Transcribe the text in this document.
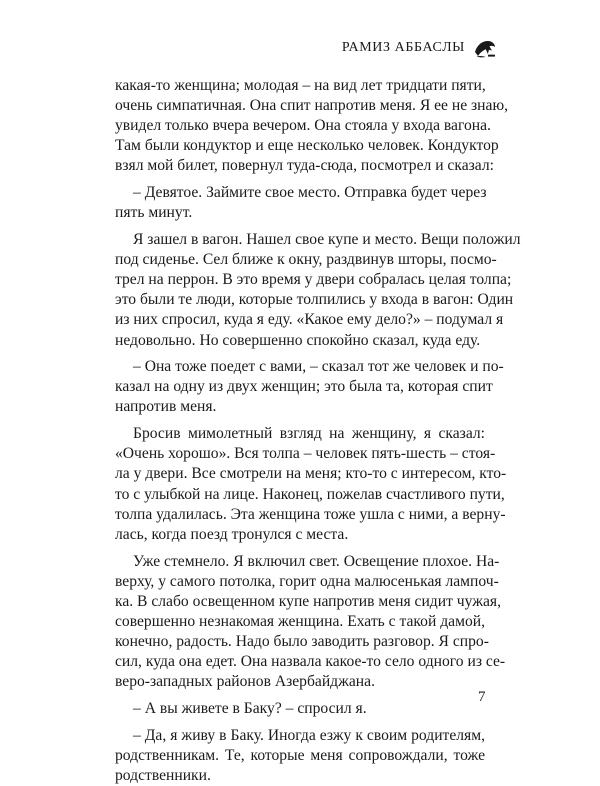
РАМИЗ АББАСЛЫ
какая-то женщина; молодая – на вид лет тридцати пяти,
очень симпатичная. Она спит напротив меня. Я ее не знаю,
увидел только вчера вечером. Она стояла у входа вагона.
Там были кондуктор и еще несколько человек. Кондуктор
взял мой билет, повернул туда-сюда, посмотрел и сказал:
– Девятое. Займите свое место. Отправка будет через
пять минут.
Я зашел в вагон. Нашел свое купе и место. Вещи положил
под сиденье. Сел ближе к окну, раздвинув шторы, посмо-
трел на перрон. В это время у двери собралась целая толпа;
это были те люди, которые толпились у входа в вагон: Один
из них спросил, куда я еду. «Какое ему дело?» – подумал я
недовольно. Но совершенно спокойно сказал, куда еду.
– Она тоже поедет с вами, – сказал тот же человек и по-
казал на одну из двух женщин; это была та, которая спит
напротив меня.
Бросив мимолетный взгляд на женщину, я сказал:
«Очень хорошо». Вся толпа – человек пять-шесть – стоя-
ла у двери. Все смотрели на меня; кто-то с интересом, кто-
то с улыбкой на лице. Наконец, пожелав счастливого пути,
толпа удалилась. Эта женщина тоже ушла с ними, а верну-
лась, когда поезд тронулся с места.
Уже стемнело. Я включил свет. Освещение плохое. На-
верху, у самого потолка, горит одна малюсенькая лампоч-
ка. В слабо освещенном купе напротив меня сидит чужая,
совершенно незнакомая женщина. Ехать с такой дамой,
конечно, радость. Надо было заводить разговор. Я спро-
сил, куда она едет. Она назвала какое-то село одного из се-
веро-западных районов Азербайджана.
– А вы живете в Баку? – спросил я.
– Да, я живу в Баку. Иногда езжу к своим родителям,
родственникам. Те, которые меня сопровождали, тоже
родственники.
7
